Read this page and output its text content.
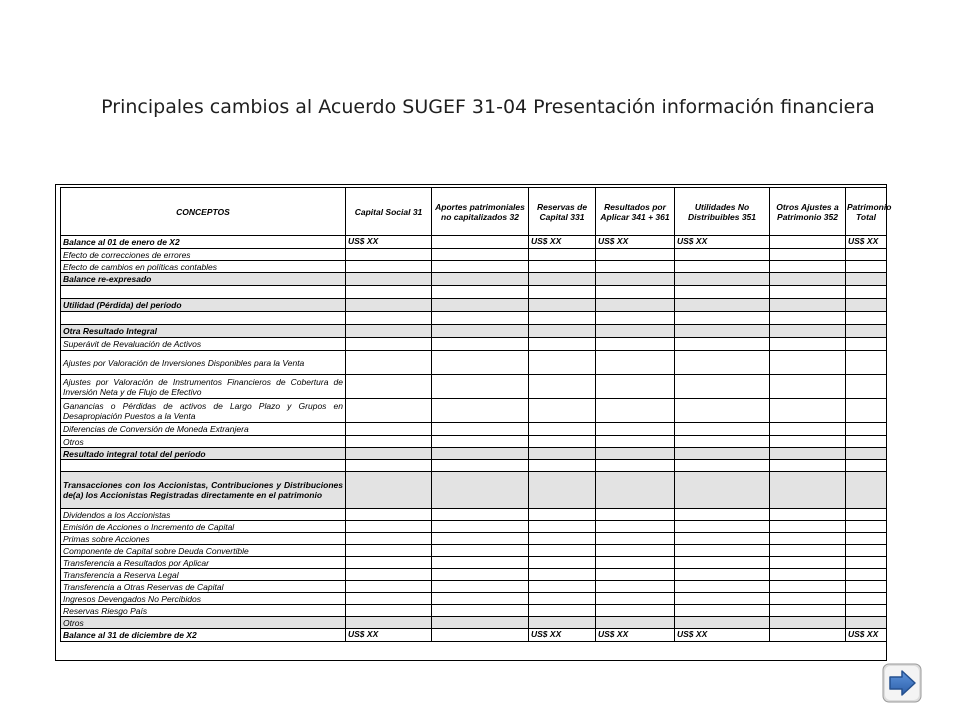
Principales cambios al Acuerdo SUGEF 31-04 Presentación información financiera
CONCEPTOS	Capital Social 31	Aportes patrimoniales no capitalizados 32	Reservas de Capital 331	Resultados por Aplicar 341 + 361	Utilidades No Distribuibles 351	Otros Ajustes a Patrimonio 352	Patrimonio Total
Balance al 01 de enero de X2	US$ XX		US$ XX	US$ XX	US$ XX		US$ XX
Efecto de correcciones de errores							
Efecto de cambios en políticas contables							
Balance re-expresado							

Utilidad (Pérdida) del período							

Otra Resultado Integral							
Superávit de Revaluación de Activos							
Ajustes por Valoración de Inversiones Disponibles para la Venta							
Ajustes por Valoración de Instrumentos Financieros de Cobertura de Inversión Neta y de Flujo de Efectivo							
Ganancias o Pérdidas de activos de Largo Plazo y Grupos en Desapropiación Puestos a la Venta							
Diferencias de Conversión de Moneda Extranjera							
Otros							
Resultado integral total del período							

Transacciones con los Accionistas, Contribuciones y Distribuciones de(a) los Accionistas Registradas directamente en el patrimonio							
Dividendos a los Accionistas							
Emisión de Acciones o Incremento de Capital							
Primas sobre Acciones							
Componente de Capital sobre Deuda Convertible							
Transferencia a Resultados por Aplicar							
Transferencia a Reserva Legal							
Transferencia a Otras Reservas de Capital							
Ingresos Devengados No Percibidos							
Reservas Riesgo País							
Otros							
Balance al 31 de diciembre de X2	US$ XX		US$ XX	US$ XX	US$ XX		US$ XX
